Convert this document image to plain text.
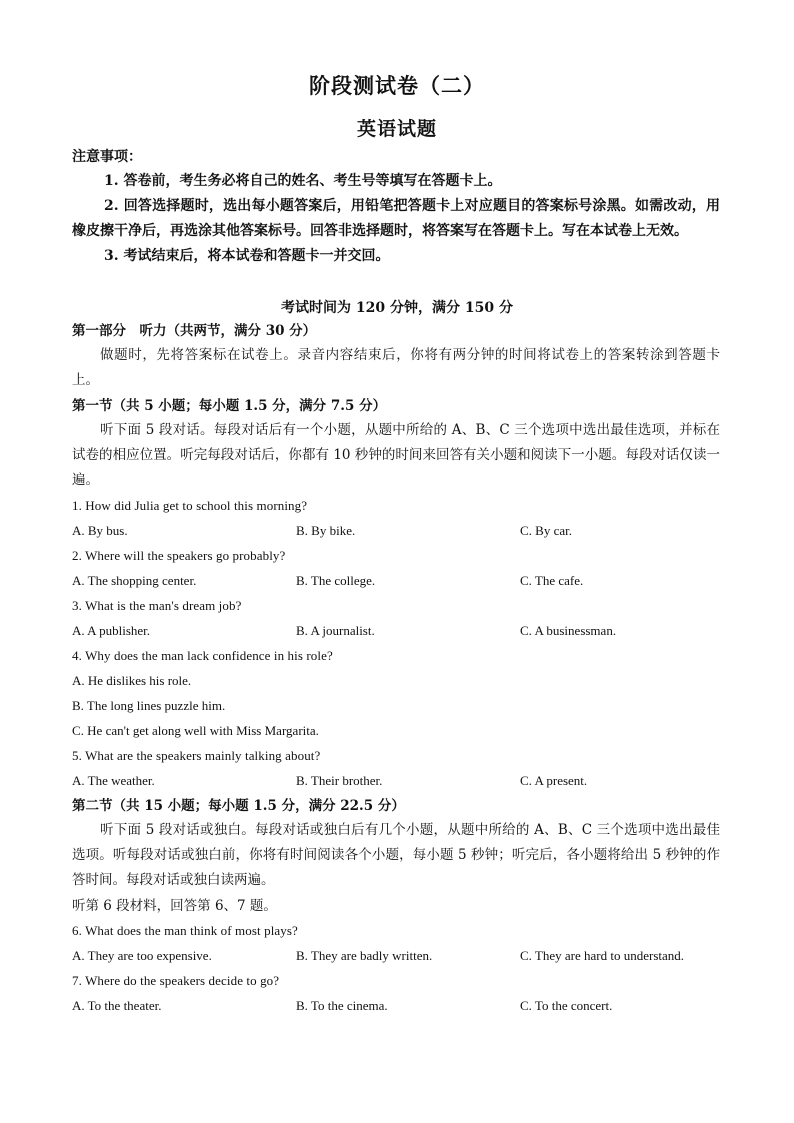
阶段测试卷（二）
英语试题
注意事项：
1. 答卷前，考生务必将自己的姓名、考生号等填写在答题卡上。
2. 回答选择题时，选出每小题答案后，用铅笔把答题卡上对应题目的答案标号涂黑。如需改动，用橡皮擦干净后，再选涂其他答案标号。回答非选择题时，将答案写在答题卡上。写在本试卷上无效。
3. 考试结束后，将本试卷和答题卡一并交回。
考试时间为 120 分钟，满分 150 分
第一部分　听力（共两节，满分 30 分）
做题时，先将答案标在试卷上。录音内容结束后，你将有两分钟的时间将试卷上的答案转涂到答题卡上。
第一节（共 5 小题；每小题 1.5 分，满分 7.5 分）
听下面 5 段对话。每段对话后有一个小题，从题中所给的 A、B、C 三个选项中选出最佳选项，并标在试卷的相应位置。听完每段对话后，你都有 10 秒钟的时间来回答有关小题和阅读下一小题。每段对话仅读一遍。
1. How did Julia get to school this morning?
A. By bus.	B. By bike.	C. By car.
2. Where will the speakers go probably?
A. The shopping center.	B. The college.	C. The cafe.
3. What is the man's dream job?
A. A publisher.	B. A journalist.	C. A businessman.
4. Why does the man lack confidence in his role?
A. He dislikes his role.
B. The long lines puzzle him.
C. He can't get along well with Miss Margarita.
5. What are the speakers mainly talking about?
A. The weather.	B. Their brother.	C. A present.
第二节（共 15 小题；每小题 1.5 分，满分 22.5 分）
听下面 5 段对话或独白。每段对话或独白后有几个小题，从题中所给的 A、B、C 三个选项中选出最佳选项。听每段对话或独白前，你将有时间阅读各个小题，每小题 5 秒钟；听完后，各小题将给出 5 秒钟的作答时间。每段对话或独白读两遍。
听第 6 段材料，回答第 6、7 题。
6. What does the man think of most plays?
A. They are too expensive.	B. They are badly written.	C. They are hard to understand.
7. Where do the speakers decide to go?
A. To the theater.	B. To the cinema.	C. To the concert.
